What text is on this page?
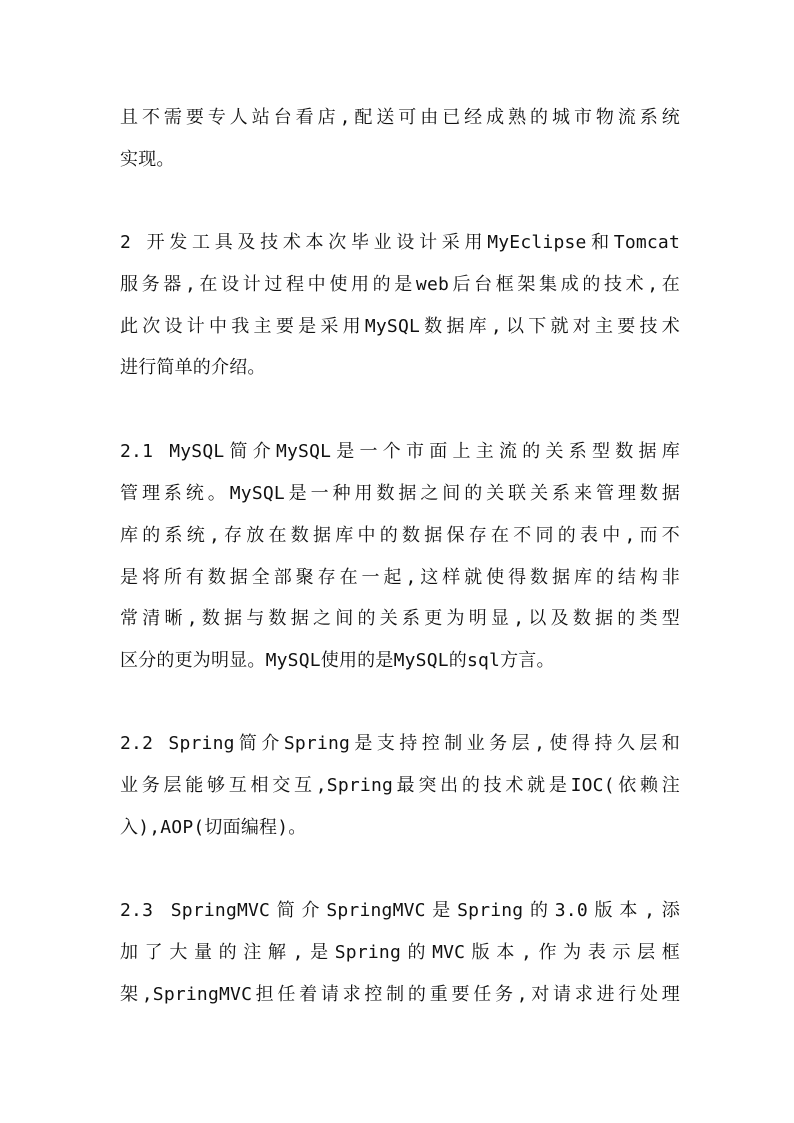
且不需要专人站台看店,配送可由已经成熟的城市物流系统
实现。
2 开发工具及技术本次毕业设计采用MyEclipse和Tomcat
服务器,在设计过程中使用的是web后台框架集成的技术,在
此次设计中我主要是采用MySQL数据库,以下就对主要技术
进行简单的介绍。
2.1 MySQL简介MySQL是一个市面上主流的关系型数据库
管理系统。MySQL是一种用数据之间的关联关系来管理数据
库的系统,存放在数据库中的数据保存在不同的表中,而不
是将所有数据全部聚存在一起,这样就使得数据库的结构非
常清晰,数据与数据之间的关系更为明显,以及数据的类型
区分的更为明显。MySQL使用的是MySQL的sql方言。
2.2 Spring简介Spring是支持控制业务层,使得持久层和
业务层能够互相交互,Spring最突出的技术就是IOC(依赖注
入),AOP(切面编程)。
2.3 SpringMVC简介SpringMVC是Spring的3.0版本,添
加了大量的注解,是Spring的MVC版本,作为表示层框
架,SpringMVC担任着请求控制的重要任务,对请求进行处理
